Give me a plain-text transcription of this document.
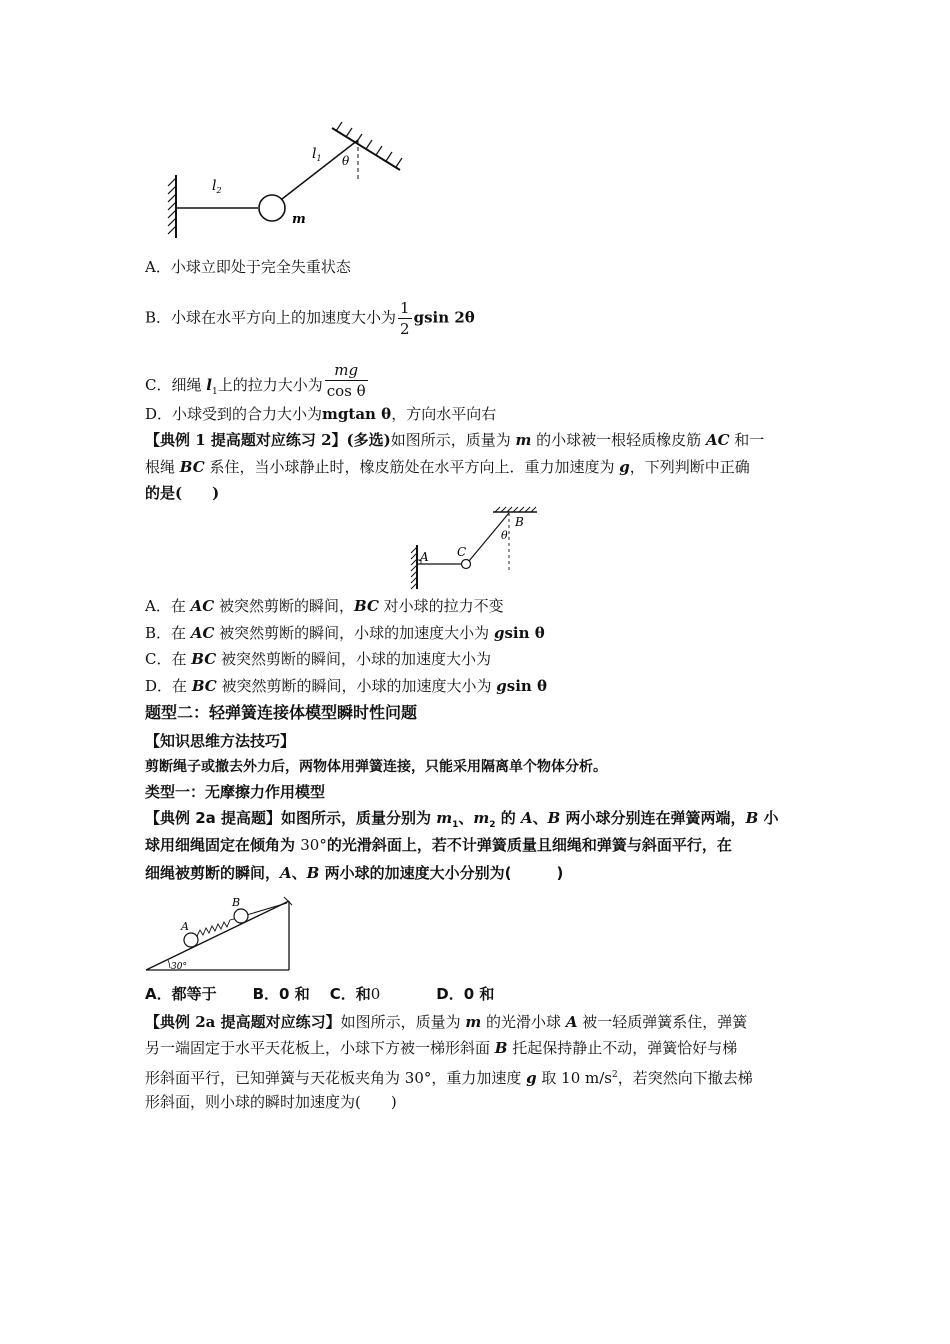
$l_1$
$l_2$
θ
m
A．小球立即处于完全失重状态
B．小球在水平方向上的加速度大小为 $\frac{1}{2}$ gsin 2θ
C．细绳 $l_1$上的拉力大小为 $\frac{mg}{\text{cos θ}}$
D．小球受到的合力大小为mgtan θ，方向水平向右
【典例 1 提高题对应练习 2】(多选)如图所示，质量为 m 的小球被一根轻质橡皮筋 AC 和一
根绳 BC 系住，当小球静止时，橡皮筋处在水平方向上．重力加速度为 g，下列判断中正确
的是(　　)
A C
B
θ
A．在 AC 被突然剪断的瞬间，BC 对小球的拉力不变
B．在 AC 被突然剪断的瞬间，小球的加速度大小为 gsin θ
C．在 BC 被突然剪断的瞬间，小球的加速度大小为
D．在 BC 被突然剪断的瞬间，小球的加速度大小为 gsin θ
题型二：轻弹簧连接体模型瞬时性问题
【知识思维方法技巧】
剪断绳子或撤去外力后，两物体用弹簧连接，只能采用隔离单个物体分析。
类型一：无摩擦力作用模型
【典例 2a 提高题】如图所示，质量分别为 $m_1$、$m_2$ 的 A、B 两小球分别连在弹簧两端，B 小
球用细绳固定在倾角为 30°的光滑斜面上，若不计弹簧质量且细绳和弹簧与斜面平行，在
细绳被剪断的瞬间，A、B 两小球的加速度大小分别为(　　　)
A
B
30°
A．都等于 B．0 和 C．和0	D．0 和
【典例 2a 提高题对应练习】如图所示，质量为 m 的光滑小球 A 被一轻质弹簧系住，弹簧
另一端固定于水平天花板上，小球下方被一梯形斜面 B 托起保持静止不动，弹簧恰好与梯
形斜面平行，已知弹簧与天花板夹角为 30°，重力加速度 g 取 10 $m/s^2$，若突然向下撤去梯
形斜面，则小球的瞬时加速度为(　　)
